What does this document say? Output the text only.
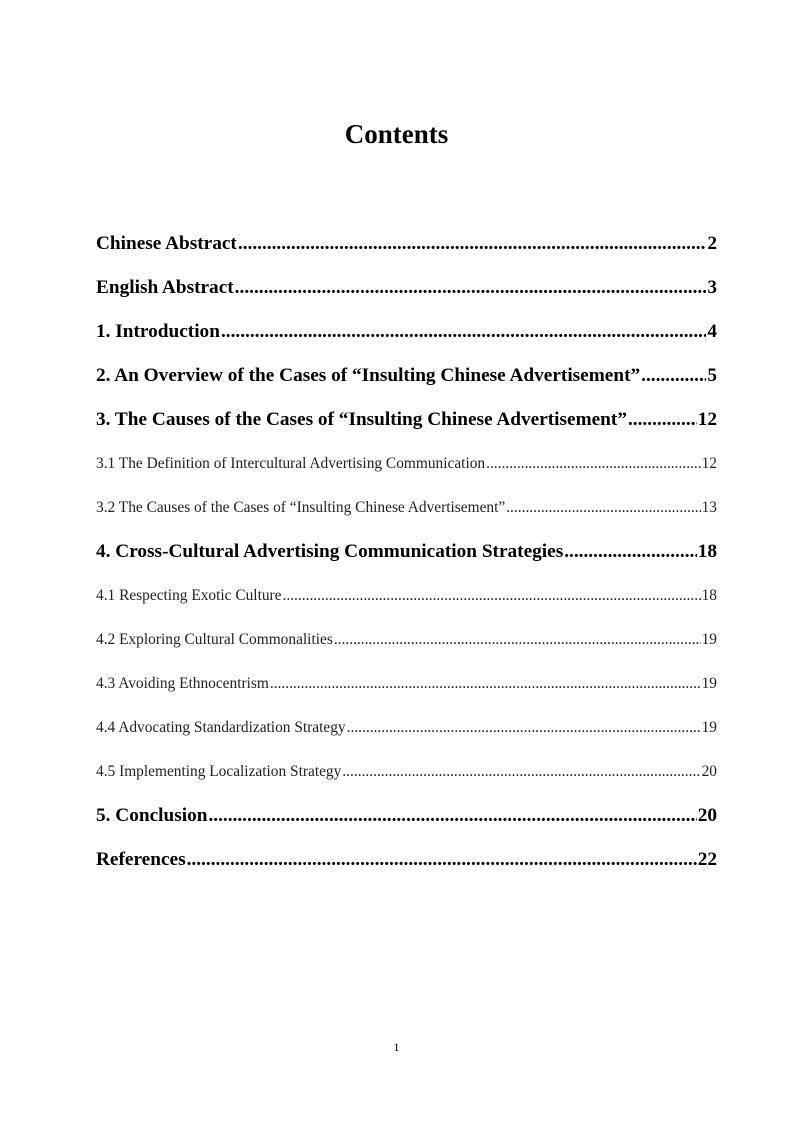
Contents
Chinese Abstract .....	2
English Abstract .....	3
1. Introduction .....	4
2. An Overview of the Cases of “Insulting Chinese Advertisement” .....	5
3. The Causes of the Cases of “Insulting Chinese Advertisement” .....	12
3.1 The Definition of Intercultural Advertising Communication .....	12
3.2 The Causes of the Cases of “Insulting Chinese Advertisement” .....	13
4. Cross-Cultural Advertising Communication Strategies .....	18
4.1 Respecting Exotic Culture .....	18
4.2 Exploring Cultural Commonalities .....	19
4.3 Avoiding Ethnocentrism .....	19
4.4 Advocating Standardization Strategy .....	19
4.5 Implementing Localization Strategy .....	20
5. Conclusion .....	20
References .....	22
1
